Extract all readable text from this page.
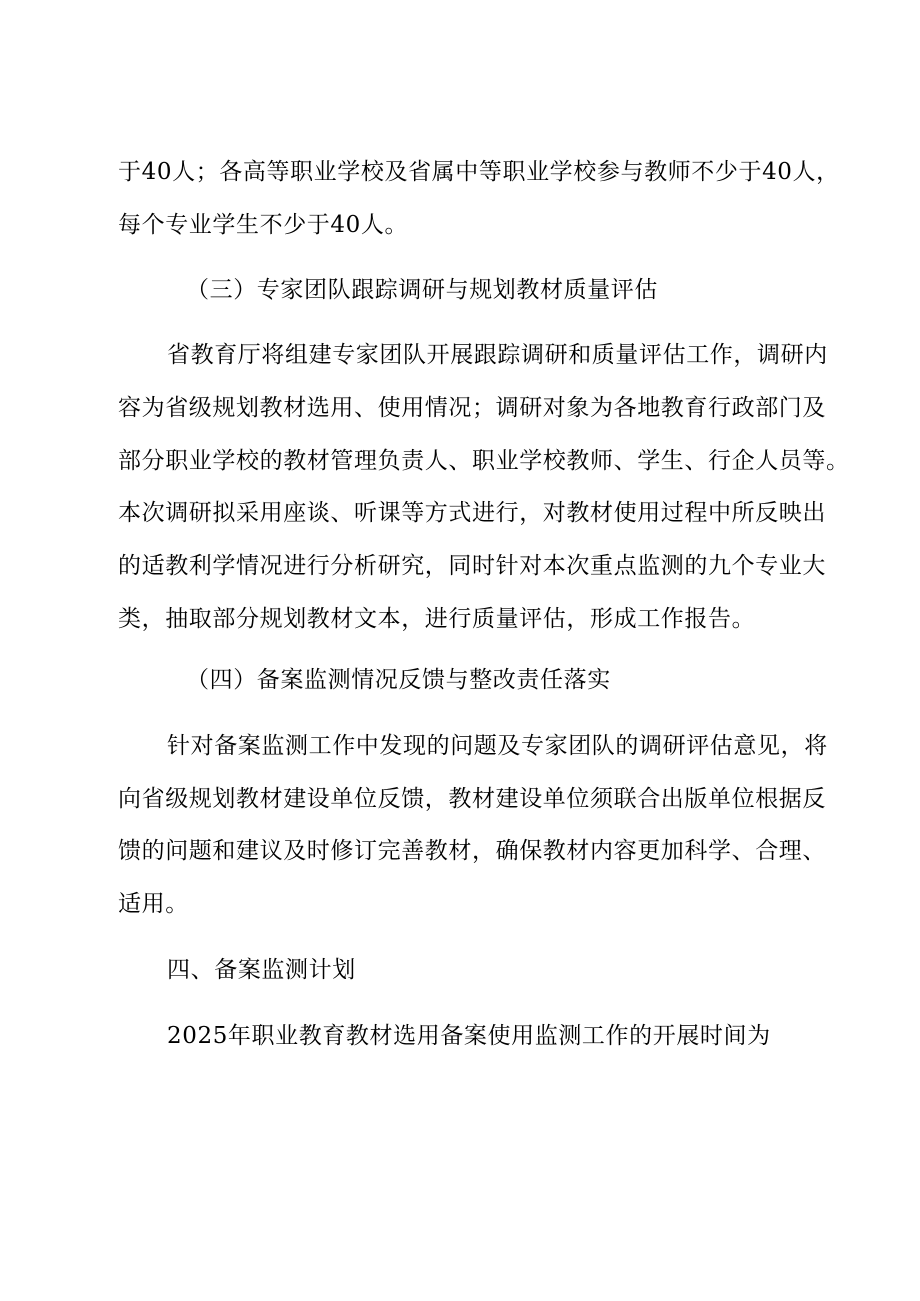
于40人；各高等职业学校及省属中等职业学校参与教师不少于40人，
每个专业学生不少于40人。
（三）专家团队跟踪调研与规划教材质量评估
省教育厅将组建专家团队开展跟踪调研和质量评估工作，调研内
容为省级规划教材选用、使用情况；调研对象为各地教育行政部门及
部分职业学校的教材管理负责人、职业学校教师、学生、行企人员等。
本次调研拟采用座谈、听课等方式进行，对教材使用过程中所反映出
的适教利学情况进行分析研究，同时针对本次重点监测的九个专业大
类，抽取部分规划教材文本，进行质量评估，形成工作报告。
（四）备案监测情况反馈与整改责任落实
针对备案监测工作中发现的问题及专家团队的调研评估意见，将
向省级规划教材建设单位反馈，教材建设单位须联合出版单位根据反
馈的问题和建议及时修订完善教材，确保教材内容更加科学、合理、
适用。
四、备案监测计划
2025年职业教育教材选用备案使用监测工作的开展时间为
